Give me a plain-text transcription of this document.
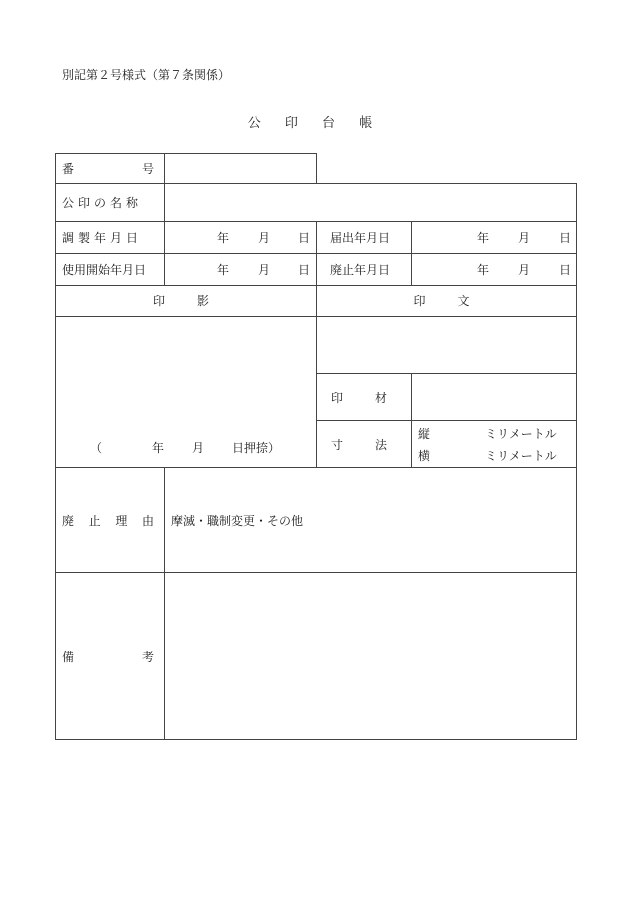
別記第２号様式（第７条関係）
公 印 台 帳
番	号
公印の名称
調製年月日	年 月 日 届出年月日	年 月 日
使用開始年月日	年 月 日 廃止年月日	年 月 日
印　影	印　文
（	年 月 日押捺）
印　材
寸　法
縦	ミリメートル
横	ミリメートル
廃 止 理 由 摩滅・職制変更・その他
備	考
